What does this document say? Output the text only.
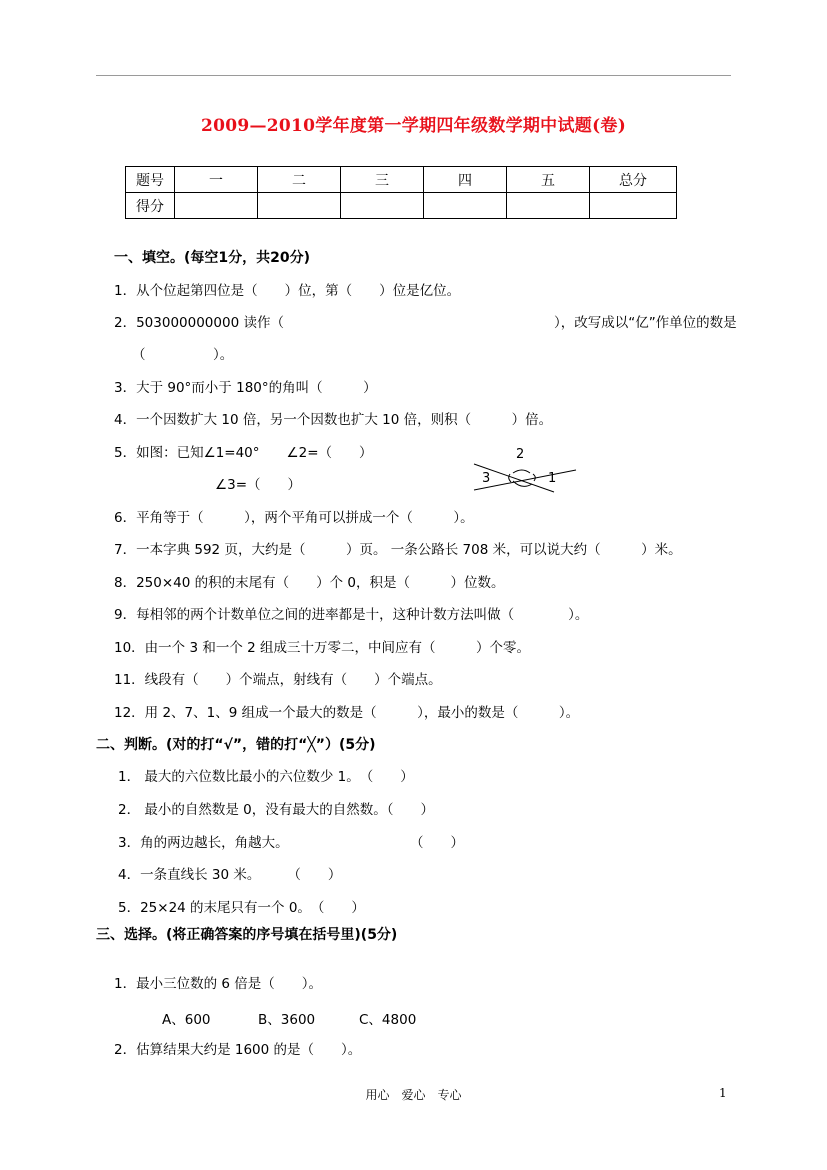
2009—2010学年度第一学期四年级数学期中试题(卷)
题号	一	二	三	四	五	总分
得分						
一、填空。(每空1分，共20分)
1．从个位起第四位是（　　）位，第（　　）位是亿位。
2．503000000000 读作（　　　　　　　　　　　　　　　　　　　　），改写成以“亿”作单位的数是
（　　　　　）。
3．大于 90°而小于 180°的角叫（　　　）
4．一个因数扩大 10 倍，另一个因数也扩大 10 倍，则积（　　　）倍。
5．如图：已知∠1=40°　　∠2=（　　）
∠3=（　　）
2
3	1
6．平角等于（　　　），两个平角可以拼成一个（　　　）。
7．一本字典 592 页，大约是（　　　）页。 一条公路长 708 米，可以说大约（　　　）米。
8．250×40 的积的末尾有（　　）个 0，积是（　　　）位数。
9．每相邻的两个计数单位之间的进率都是十，这种计数方法叫做（　　　　）。
10．由一个 3 和一个 2 组成三十万零二，中间应有（　　　）个零。
11．线段有（　　）个端点，射线有（　　）个端点。
12．用 2、7、1、9 组成一个最大的数是（　　　），最小的数是（　　　）。
二、判断。(对的打“√”，错的打“╳”）(5分)
1． 最大的六位数比最小的六位数少 1。　（　　）
2． 最小的自然数是 0，没有最大的自然数。（　　）
3．角的两边越长，角越大。	（　　）
4．一条直线长 30 米。　　　（　　）
5．25×24 的末尾只有一个 0。　（　　）
三、选择。(将正确答案的序号填在括号里)(5分)
1．最小三位数的 6 倍是（　　）。
A、600	B、3600	C、4800
2．估算结果大约是 1600 的是（　　）。
用心　爱心　专心	1
